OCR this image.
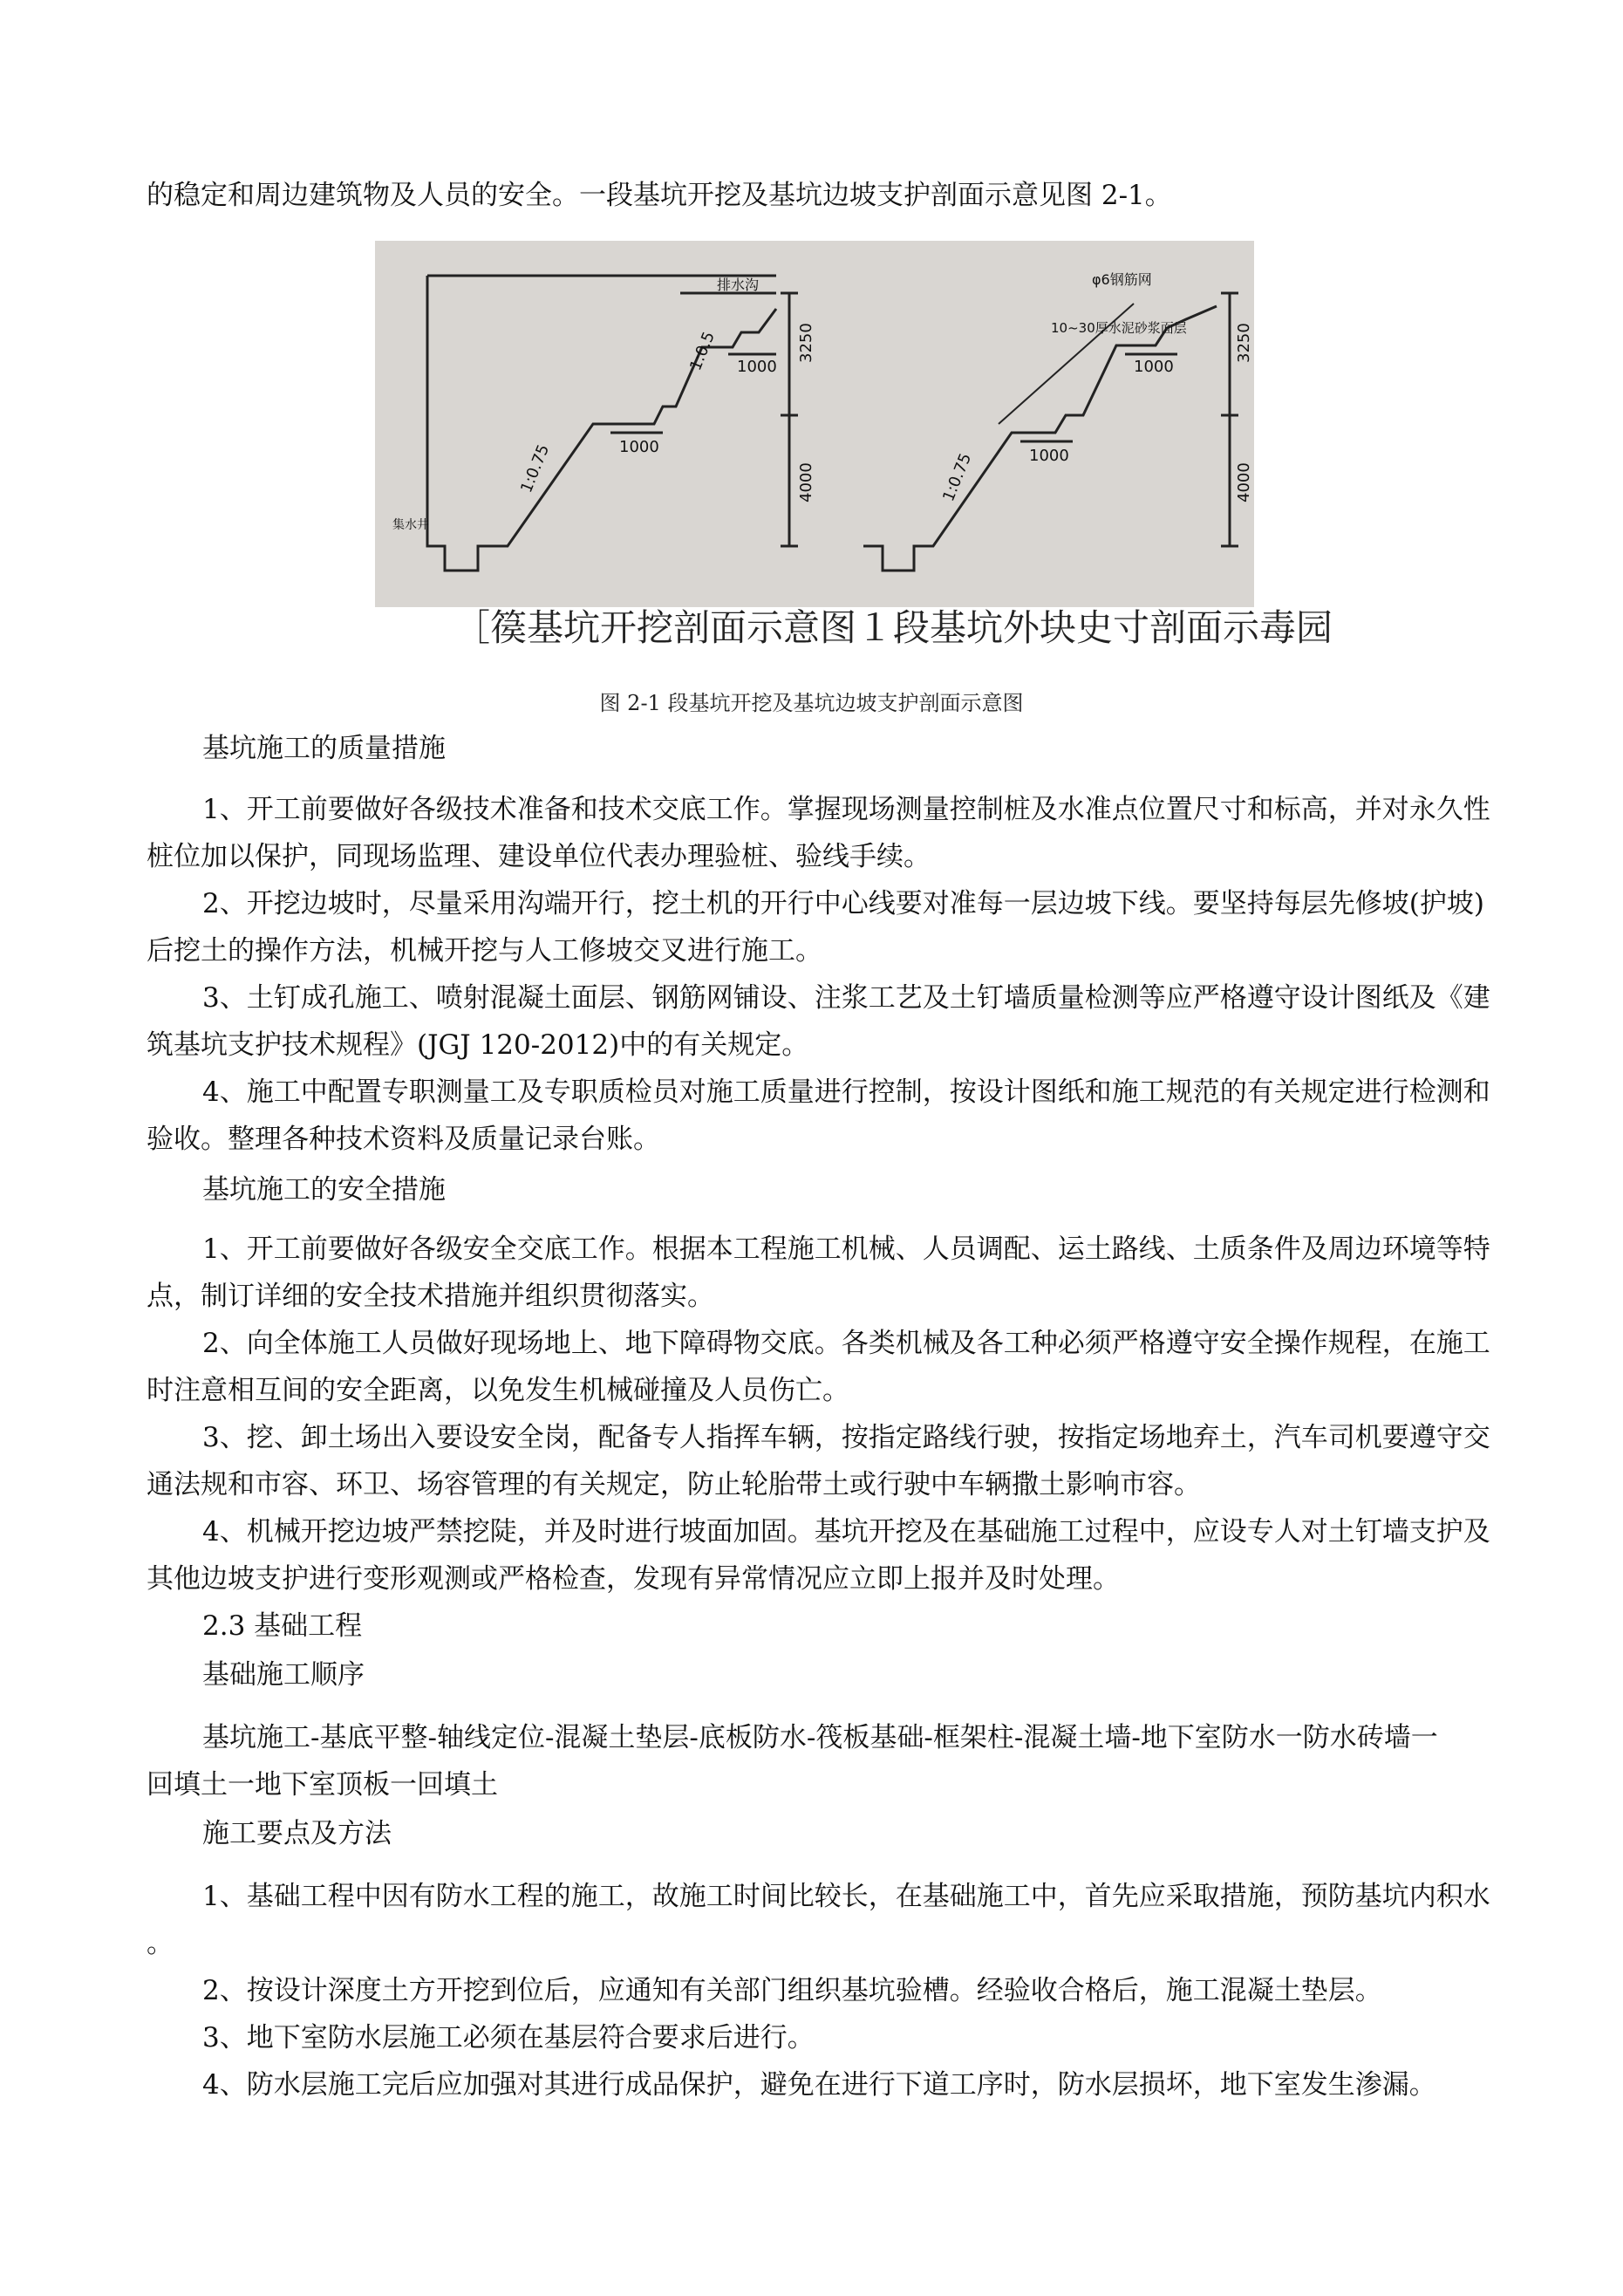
的稳定和周边建筑物及人员的安全。一段基坑开挖及基坑边坡支护剖面示意见图 2-1。
排水沟	φ6钢筋网
10~30厚水泥砂浆面层
集水井
1:0.5
1:0.75	1:0.75
1000
1000
1000
1000
3250
4000
3250
4000
［篌基坑开挖剖面示意图１段基坑外块史寸剖面示毒园
图 2-1 段基坑开挖及基坑边坡支护剖面示意图
基坑施工的质量措施
1、开工前要做好各级技术准备和技术交底工作。掌握现场测量控制桩及水准点位置尺寸和标高，并对永久性
桩位加以保护，同现场监理、建设单位代表办理验桩、验线手续。
2、开挖边坡时，尽量采用沟端开行，挖土机的开行中心线要对准每一层边坡下线。要坚持每层先修坡(护坡)
后挖土的操作方法，机械开挖与人工修坡交叉进行施工。
3、土钉成孔施工、喷射混凝土面层、钢筋网铺设、注浆工艺及土钉墙质量检测等应严格遵守设计图纸及《建
筑基坑支护技术规程》(JGJ 120-2012)中的有关规定。
4、施工中配置专职测量工及专职质检员对施工质量进行控制，按设计图纸和施工规范的有关规定进行检测和
验收。整理各种技术资料及质量记录台账。
基坑施工的安全措施
1、开工前要做好各级安全交底工作。根据本工程施工机械、人员调配、运土路线、土质条件及周边环境等特
点，制订详细的安全技术措施并组织贯彻落实。
2、向全体施工人员做好现场地上、地下障碍物交底。各类机械及各工种必须严格遵守安全操作规程，在施工
时注意相互间的安全距离，以免发生机械碰撞及人员伤亡。
3、挖、卸土场出入要设安全岗，配备专人指挥车辆，按指定路线行驶，按指定场地弃土，汽车司机要遵守交
通法规和市容、环卫、场容管理的有关规定，防止轮胎带土或行驶中车辆撒土影响市容。
4、机械开挖边坡严禁挖陡，并及时进行坡面加固。基坑开挖及在基础施工过程中，应设专人对土钉墙支护及
其他边坡支护进行变形观测或严格检查，发现有异常情况应立即上报并及时处理。
2.3 基础工程
基础施工顺序
基坑施工-基底平整-轴线定位-混凝土垫层-底板防水-筏板基础-框架柱-混凝土墙-地下室防水一防水砖墙一
回填土一地下室顶板一回填土
施工要点及方法
1、基础工程中因有防水工程的施工，故施工时间比较长，在基础施工中，首先应采取措施，预防基坑内积水
。
2、按设计深度土方开挖到位后，应通知有关部门组织基坑验槽。经验收合格后，施工混凝土垫层。
3、地下室防水层施工必须在基层符合要求后进行。
4、防水层施工完后应加强对其进行成品保护，避免在进行下道工序时，防水层损坏，地下室发生渗漏。
